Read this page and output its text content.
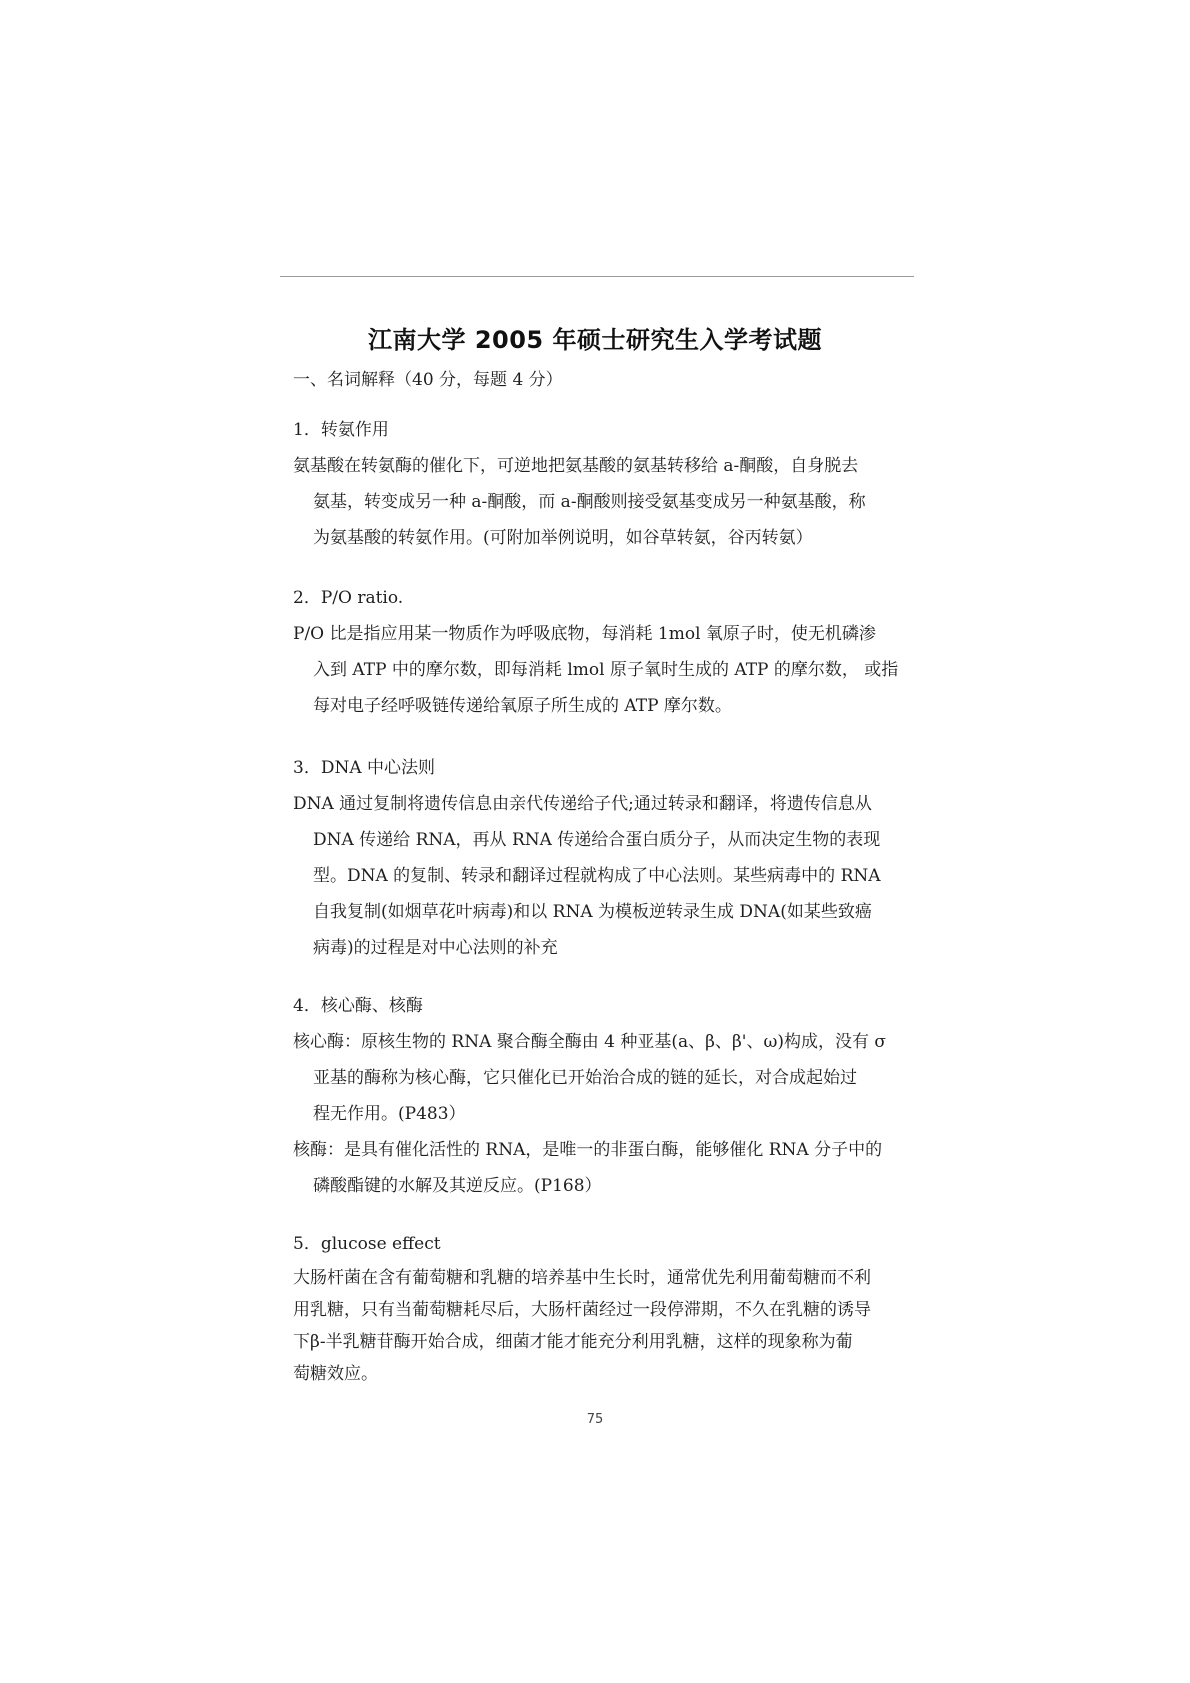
江南大学 2005 年硕士研究生入学考试题
一、名词解释（40 分，每题 4 分）
1．转氨作用
氨基酸在转氨酶的催化下，可逆地把氨基酸的氨基转移给 a-酮酸，自身脱去
氨基，转变成另一种 a-酮酸，而 a-酮酸则接受氨基变成另一种氨基酸，称
为氨基酸的转氨作用。(可附加举例说明，如谷草转氨，谷丙转氨）
2．P/O ratio.
P/O 比是指应用某一物质作为呼吸底物，每消耗 1mol 氧原子时，使无机磷渗
入到 ATP 中的摩尔数，即每消耗 lmol 原子氧时生成的 ATP 的摩尔数， 或指
每对电子经呼吸链传递给氧原子所生成的 ATP 摩尔数。
3．DNA 中心法则
DNA 通过复制将遗传信息由亲代传递给子代;通过转录和翻译，将遗传信息从
DNA 传递给 RNA，再从 RNA 传递给合蛋白质分子，从而决定生物的表现
型。DNA 的复制、转录和翻译过程就构成了中心法则。某些病毒中的 RNA
自我复制(如烟草花叶病毒)和以 RNA 为模板逆转录生成 DNA(如某些致癌
病毒)的过程是对中心法则的补充
4．核心酶、核酶
核心酶：原核生物的 RNA 聚合酶全酶由 4 种亚基(a、β、β'、ω)构成，没有 σ
亚基的酶称为核心酶，它只催化已开始治合成的链的延长，对合成起始过
程无作用。(P483）
核酶：是具有催化活性的 RNA，是唯一的非蛋白酶，能够催化 RNA 分子中的
磷酸酯键的水解及其逆反应。(P168）
5．glucose effect
大肠杆菌在含有葡萄糖和乳糖的培养基中生长时，通常优先利用葡萄糖而不利
用乳糖，只有当葡萄糖耗尽后，大肠杆菌经过一段停滞期，不久在乳糖的诱导
下β-半乳糖苷酶开始合成，细菌才能才能充分利用乳糖，这样的现象称为葡
萄糖效应。
75
